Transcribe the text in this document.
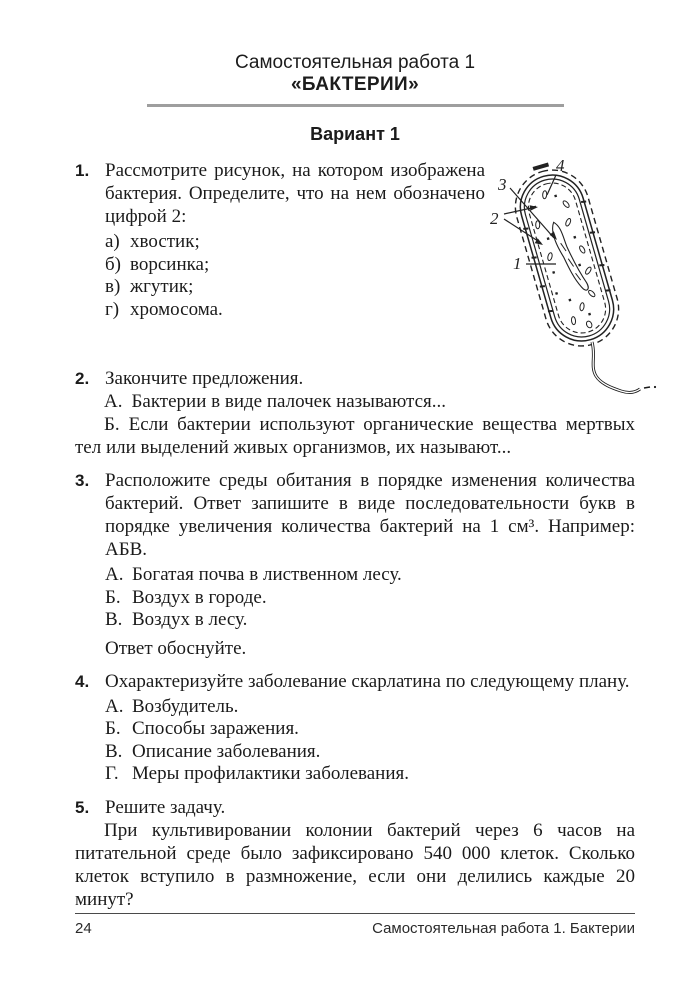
Самостоятельная работа 1
«БАКТЕРИИ»
Вариант 1
1. Рассмотрите рисунок, на котором изображена бактерия. Определите, что на нем обозначено цифрой 2:
а) хвостик;
б) ворсинка;
в) жгутик;
г) хромосома.
2. Закончите предложения.

А. Бактерии в виде палочек называются...

Б. Если бактерии используют органические вещества мертвых тел или выделений живых организмов, их называют...

3. Расположите среды обитания в порядке изменения количества бактерий. Ответ запишите в виде последовательности букв в порядке увеличения количества бактерий на 1 см³. Например: АБВ.
А. Богатая почва в лиственном лесу.
Б. Воздух в городе.
В. Воздух в лесу.
Ответ обоснуйте.
4. Охарактеризуйте заболевание скарлатина по следующему плану.
А. Возбудитель.
Б. Способы заражения.
В. Описание заболевания.
Г. Меры профилактики заболевания.
5. Решите задачу.

При культивировании колонии бактерий через 6 часов на питательной среде было зафиксировано 540 000 клеток. Сколько клеток вступило в размножение, если они делились каждые 20 минут?

1
2
3
4
24	Самостоятельная работа 1. Бактерии
